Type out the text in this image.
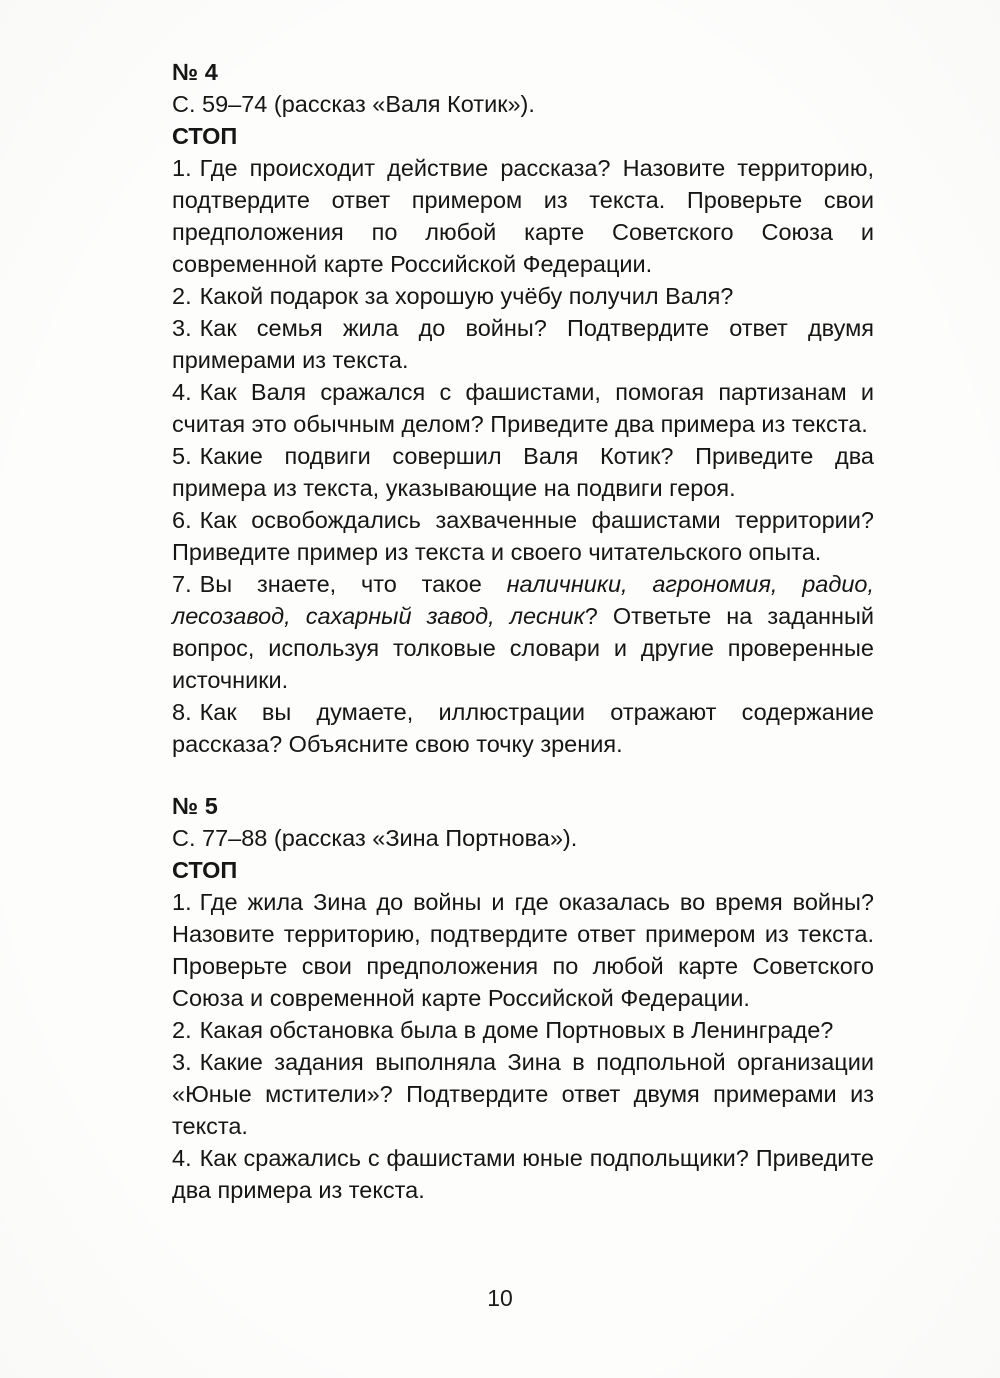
№ 4

С. 59–74 (рассказ «Валя Котик»).

СТОП

1. Где происходит действие рассказа? Назовите территорию, подтвердите ответ примером из текста. Проверьте свои предположения по любой карте Советского Союза и современной карте Российской Федерации.

2. Какой подарок за хорошую учёбу получил Валя?

3. Как семья жила до войны? Подтвердите ответ двумя примерами из текста.

4. Как Валя сражался с фашистами, помогая партизанам и считая это обычным делом? Приведите два примера из текста.

5. Какие подвиги совершил Валя Котик? Приведите два примера из текста, указывающие на подвиги героя.

6. Как освобождались захваченные фашистами территории? Приведите пример из текста и своего читательского опыта.

7. Вы знаете, что такое наличники, агрономия, радио, лесозавод, сахарный завод, лесник? Ответьте на заданный вопрос, используя толковые словари и другие проверенные источники.

8. Как вы думаете, иллюстрации отражают содержание рассказа? Объясните свою точку зрения.

№ 5

С. 77–88 (рассказ «Зина Портнова»).

СТОП

1. Где жила Зина до войны и где оказалась во время войны? Назовите территорию, подтвердите ответ примером из текста. Проверьте свои предположения по любой карте Советского Союза и современной карте Российской Федерации.

2. Какая обстановка была в доме Портновых в Ленинграде?

3. Какие задания выполняла Зина в подпольной организации «Юные мстители»? Подтвердите ответ двумя примерами из текста.

4. Как сражались с фашистами юные подпольщики? Приведите два примера из текста.

10
